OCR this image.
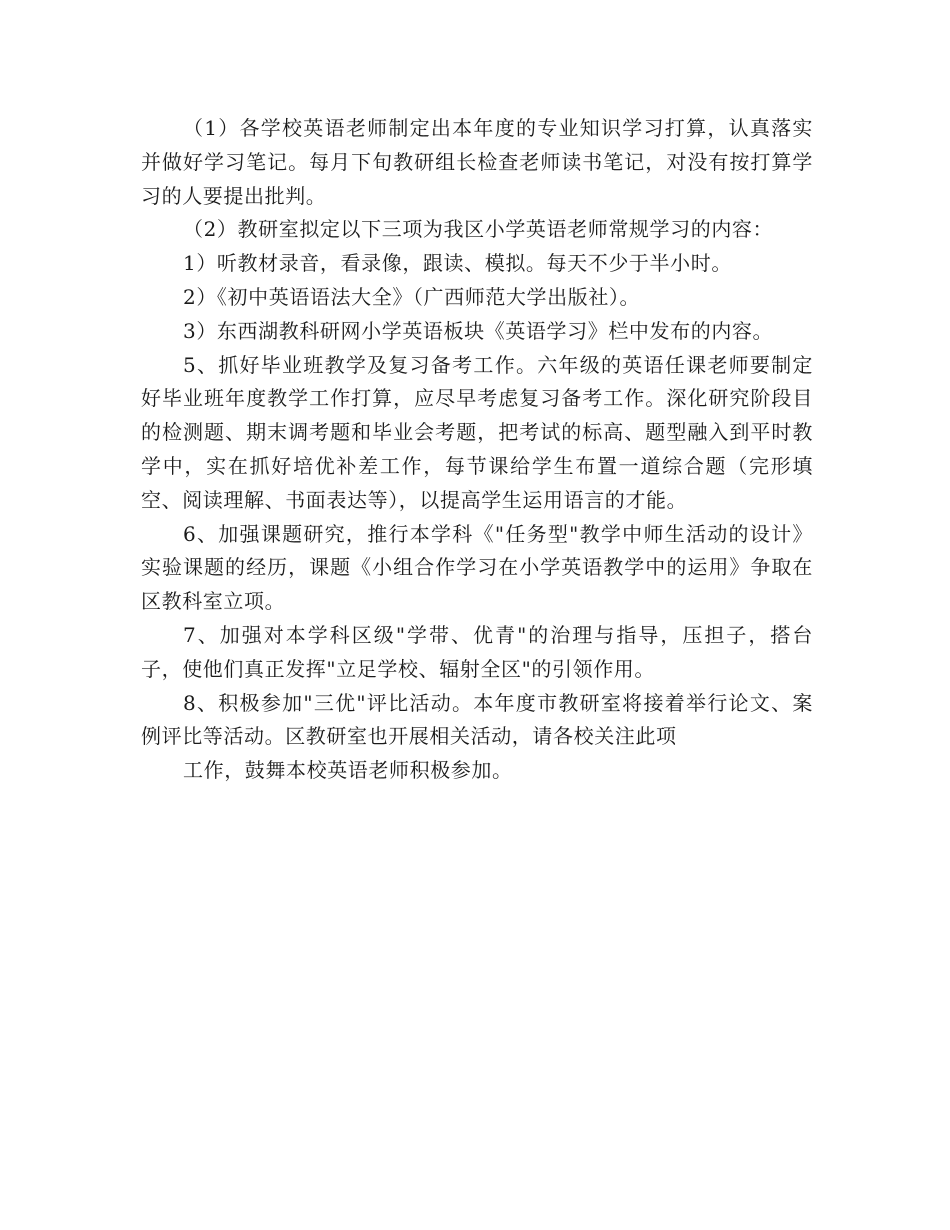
（1）各学校英语老师制定出本年度的专业知识学习打算，认真落实并做好学习笔记。每月下旬教研组长检查老师读书笔记，对没有按打算学习的人要提出批判。

（2）教研室拟定以下三项为我区小学英语老师常规学习的内容：

1）听教材录音，看录像，跟读、模拟。每天不少于半小时。

2）《初中英语语法大全》（广西师范大学出版社）。

3）东西湖教科研网小学英语板块《英语学习》栏中发布的内容。

5、抓好毕业班教学及复习备考工作。六年级的英语任课老师要制定好毕业班年度教学工作打算，应尽早考虑复习备考工作。深化研究阶段目的检测题、期末调考题和毕业会考题，把考试的标高、题型融入到平时教学中，实在抓好培优补差工作，每节课给学生布置一道综合题（完形填空、阅读理解、书面表达等），以提高学生运用语言的才能。

6、加强课题研究，推行本学科《"任务型"教学中师生活动的设计》实验课题的经历，课题《小组合作学习在小学英语教学中的运用》争取在区教科室立项。

7、加强对本学科区级"学带、优青"的治理与指导，压担子，搭台子，使他们真正发挥"立足学校、辐射全区"的引领作用。

8、积极参加"三优"评比活动。本年度市教研室将接着举行论文、案例评比等活动。区教研室也开展相关活动，请各校关注此项

工作，鼓舞本校英语老师积极参加。
